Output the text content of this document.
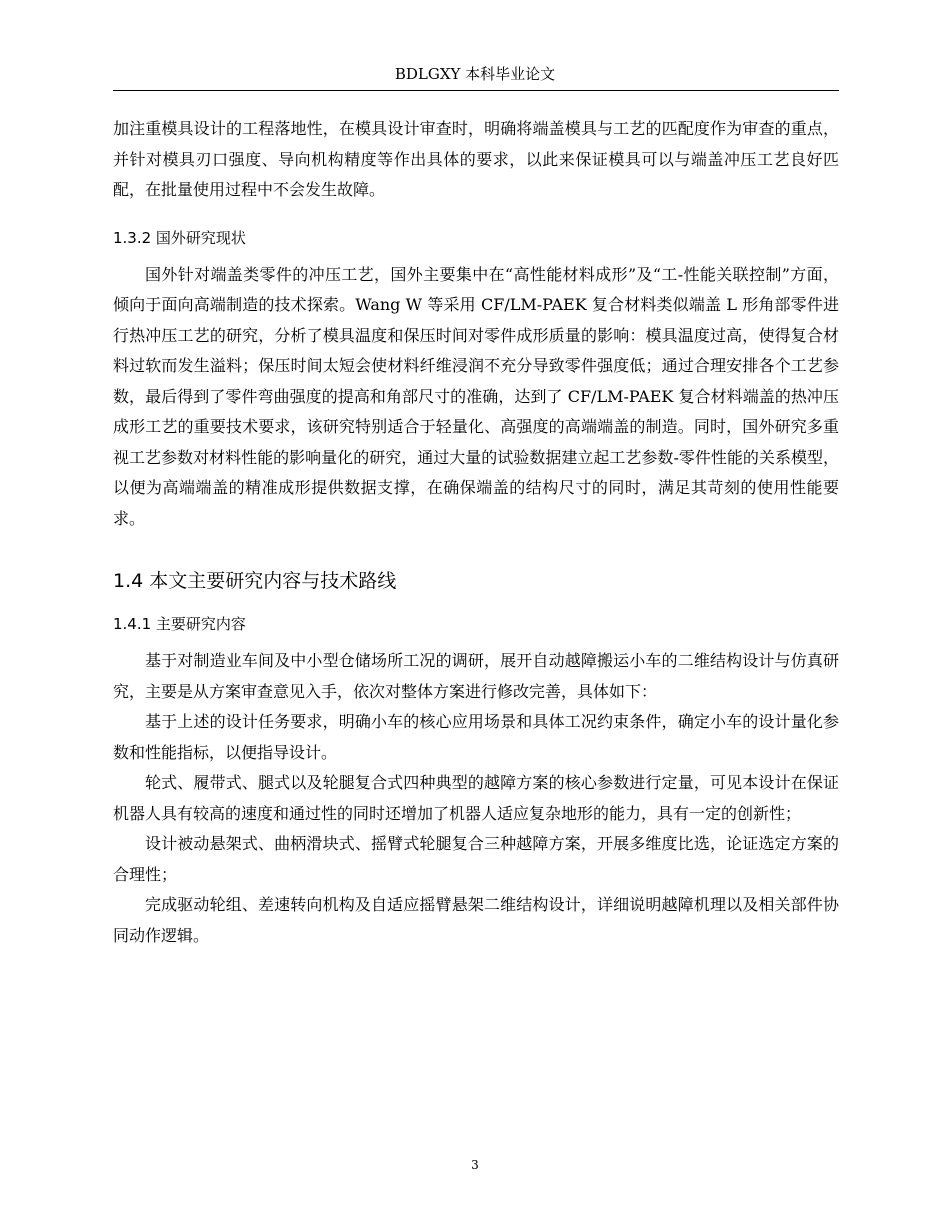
BDLGXY 本科毕业论文

加注重模具设计的工程落地性，在模具设计审查时，明确将端盖模具与工艺的匹配度作为审查的重点，并针对模具刃口强度、导向机构精度等作出具体的要求，以此来保证模具可以与端盖冲压工艺良好匹配，在批量使用过程中不会发生故障。

1.3.2 国外研究现状

国外针对端盖类零件的冲压工艺，国外主要集中在“高性能材料成形”及“工-性能关联控制”方面，倾向于面向高端制造的技术探索。Wang W 等采用 CF/LM-PAEK 复合材料类似端盖 L 形角部零件进行热冲压工艺的研究，分析了模具温度和保压时间对零件成形质量的影响：模具温度过高，使得复合材料过软而发生溢料；保压时间太短会使材料纤维浸润不充分导致零件强度低；通过合理安排各个工艺参数，最后得到了零件弯曲强度的提高和角部尺寸的准确，达到了 CF/LM-PAEK 复合材料端盖的热冲压成形工艺的重要技术要求，该研究特别适合于轻量化、高强度的高端端盖的制造。同时，国外研究多重视工艺参数对材料性能的影响量化的研究，通过大量的试验数据建立起工艺参数-零件性能的关系模型，以便为高端端盖的精准成形提供数据支撑，在确保端盖的结构尺寸的同时，满足其苛刻的使用性能要求。

1.4 本文主要研究内容与技术路线
1.4.1 主要研究内容

基于对制造业车间及中小型仓储场所工况的调研，展开自动越障搬运小车的二维结构设计与仿真研究，主要是从方案审查意见入手，依次对整体方案进行修改完善，具体如下：

基于上述的设计任务要求，明确小车的核心应用场景和具体工况约束条件，确定小车的设计量化参数和性能指标，以便指导设计。

轮式、履带式、腿式以及轮腿复合式四种典型的越障方案的核心参数进行定量，可见本设计在保证机器人具有较高的速度和通过性的同时还增加了机器人适应复杂地形的能力，具有一定的创新性；

设计被动悬架式、曲柄滑块式、摇臂式轮腿复合三种越障方案，开展多维度比选，论证选定方案的合理性；

完成驱动轮组、差速转向机构及自适应摇臂悬架二维结构设计，详细说明越障机理以及相关部件协同动作逻辑。

3
